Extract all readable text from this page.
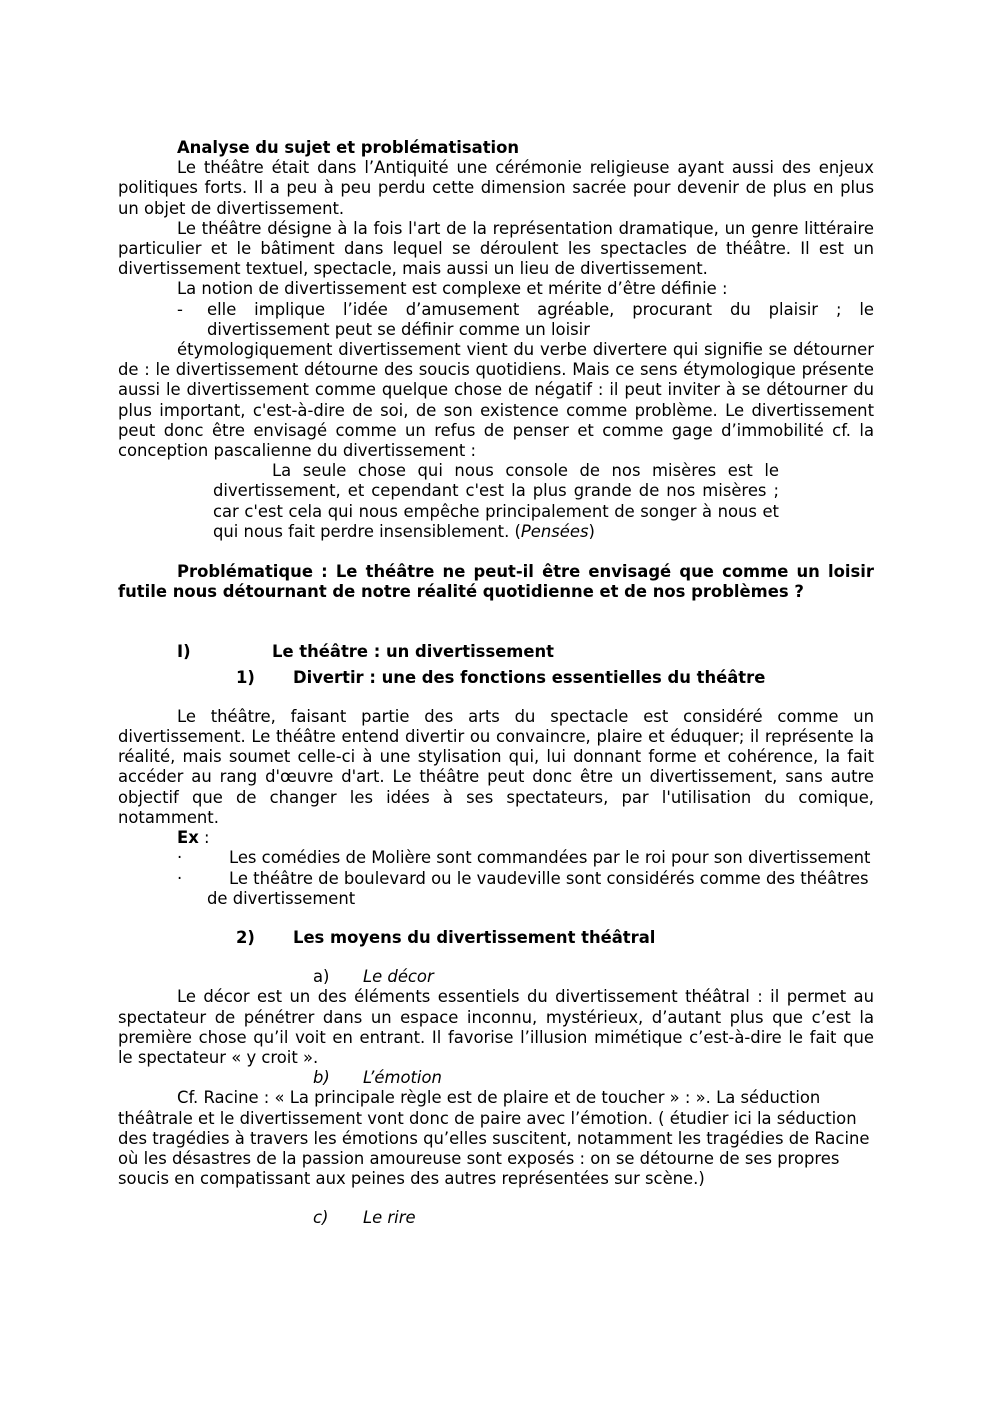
Analyse du sujet et problématisation

Le théâtre était dans l’Antiquité une cérémonie religieuse ayant aussi des enjeux politiques forts. Il a peu à peu perdu cette dimension sacrée pour devenir de plus en plus un objet de divertissement.

Le théâtre désigne à la fois l'art de la représentation dramatique, un genre littéraire particulier et le bâtiment dans lequel se déroulent les spectacles de théâtre. Il est un divertissement textuel, spectacle, mais aussi un lieu de divertissement.

La notion de divertissement est complexe et mérite d’être définie :

-	elle implique l’idée d’amusement agréable, procurant du plaisir ; le divertissement peut se définir comme un loisir

étymologiquement divertissement vient du verbe divertere qui signifie se détourner de : le divertissement détourne des soucis quotidiens. Mais ce sens étymologique présente aussi le divertissement comme quelque chose de négatif : il peut inviter à se détourner du plus important, c'est-à-dire de soi, de son existence comme problème. Le divertissement peut donc être envisagé comme un refus de penser et comme gage d’immobilité cf. la conception pascalienne du divertissement :

La seule chose qui nous console de nos misères est le divertissement, et cependant c'est la plus grande de nos misères ; car c'est cela qui nous empêche principalement de songer à nous et qui nous fait perdre insensiblement. (Pensées)

Problématique : Le théâtre ne peut-il être envisagé que comme un loisir futile nous détournant de notre réalité quotidienne et de nos problèmes ?

I)	Le théâtre : un divertissement
1)	Divertir : une des fonctions essentielles du théâtre

Le théâtre, faisant partie des arts du spectacle est considéré comme un divertissement. Le théâtre entend divertir ou convaincre, plaire et éduquer; il représente la réalité, mais soumet celle-ci à une stylisation qui, lui donnant forme et cohérence, la fait accéder au rang d'œuvre d'art. Le théâtre peut donc être un divertissement, sans autre objectif que de changer les idées à ses spectateurs, par l'utilisation du comique, notamment.

Ex :

·	Les comédies de Molière sont commandées par le roi pour son divertissement
·	Le théâtre de boulevard ou le vaudeville sont considérés comme des théâtres

de divertissement

2)	Les moyens du divertissement théâtral
a)	Le décor

Le décor est un des éléments essentiels du divertissement théâtral : il permet au spectateur de pénétrer dans un espace inconnu, mystérieux, d’autant plus que c’est la première chose qu’il voit en entrant. Il favorise l’illusion mimétique c’est-à-dire le fait que le spectateur « y croit ».

b)	L’émotion

Cf. Racine : « La principale règle est de plaire et de toucher » : ». La séduction théâtrale et le divertissement vont donc de paire avec l’émotion. ( étudier ici la séduction des tragédies à travers les émotions qu’elles suscitent, notamment les tragédies de Racine où les désastres de la passion amoureuse sont exposés : on se détourne de ses propres soucis en compatissant aux peines des autres représentées sur scène.)

c)	Le rire
